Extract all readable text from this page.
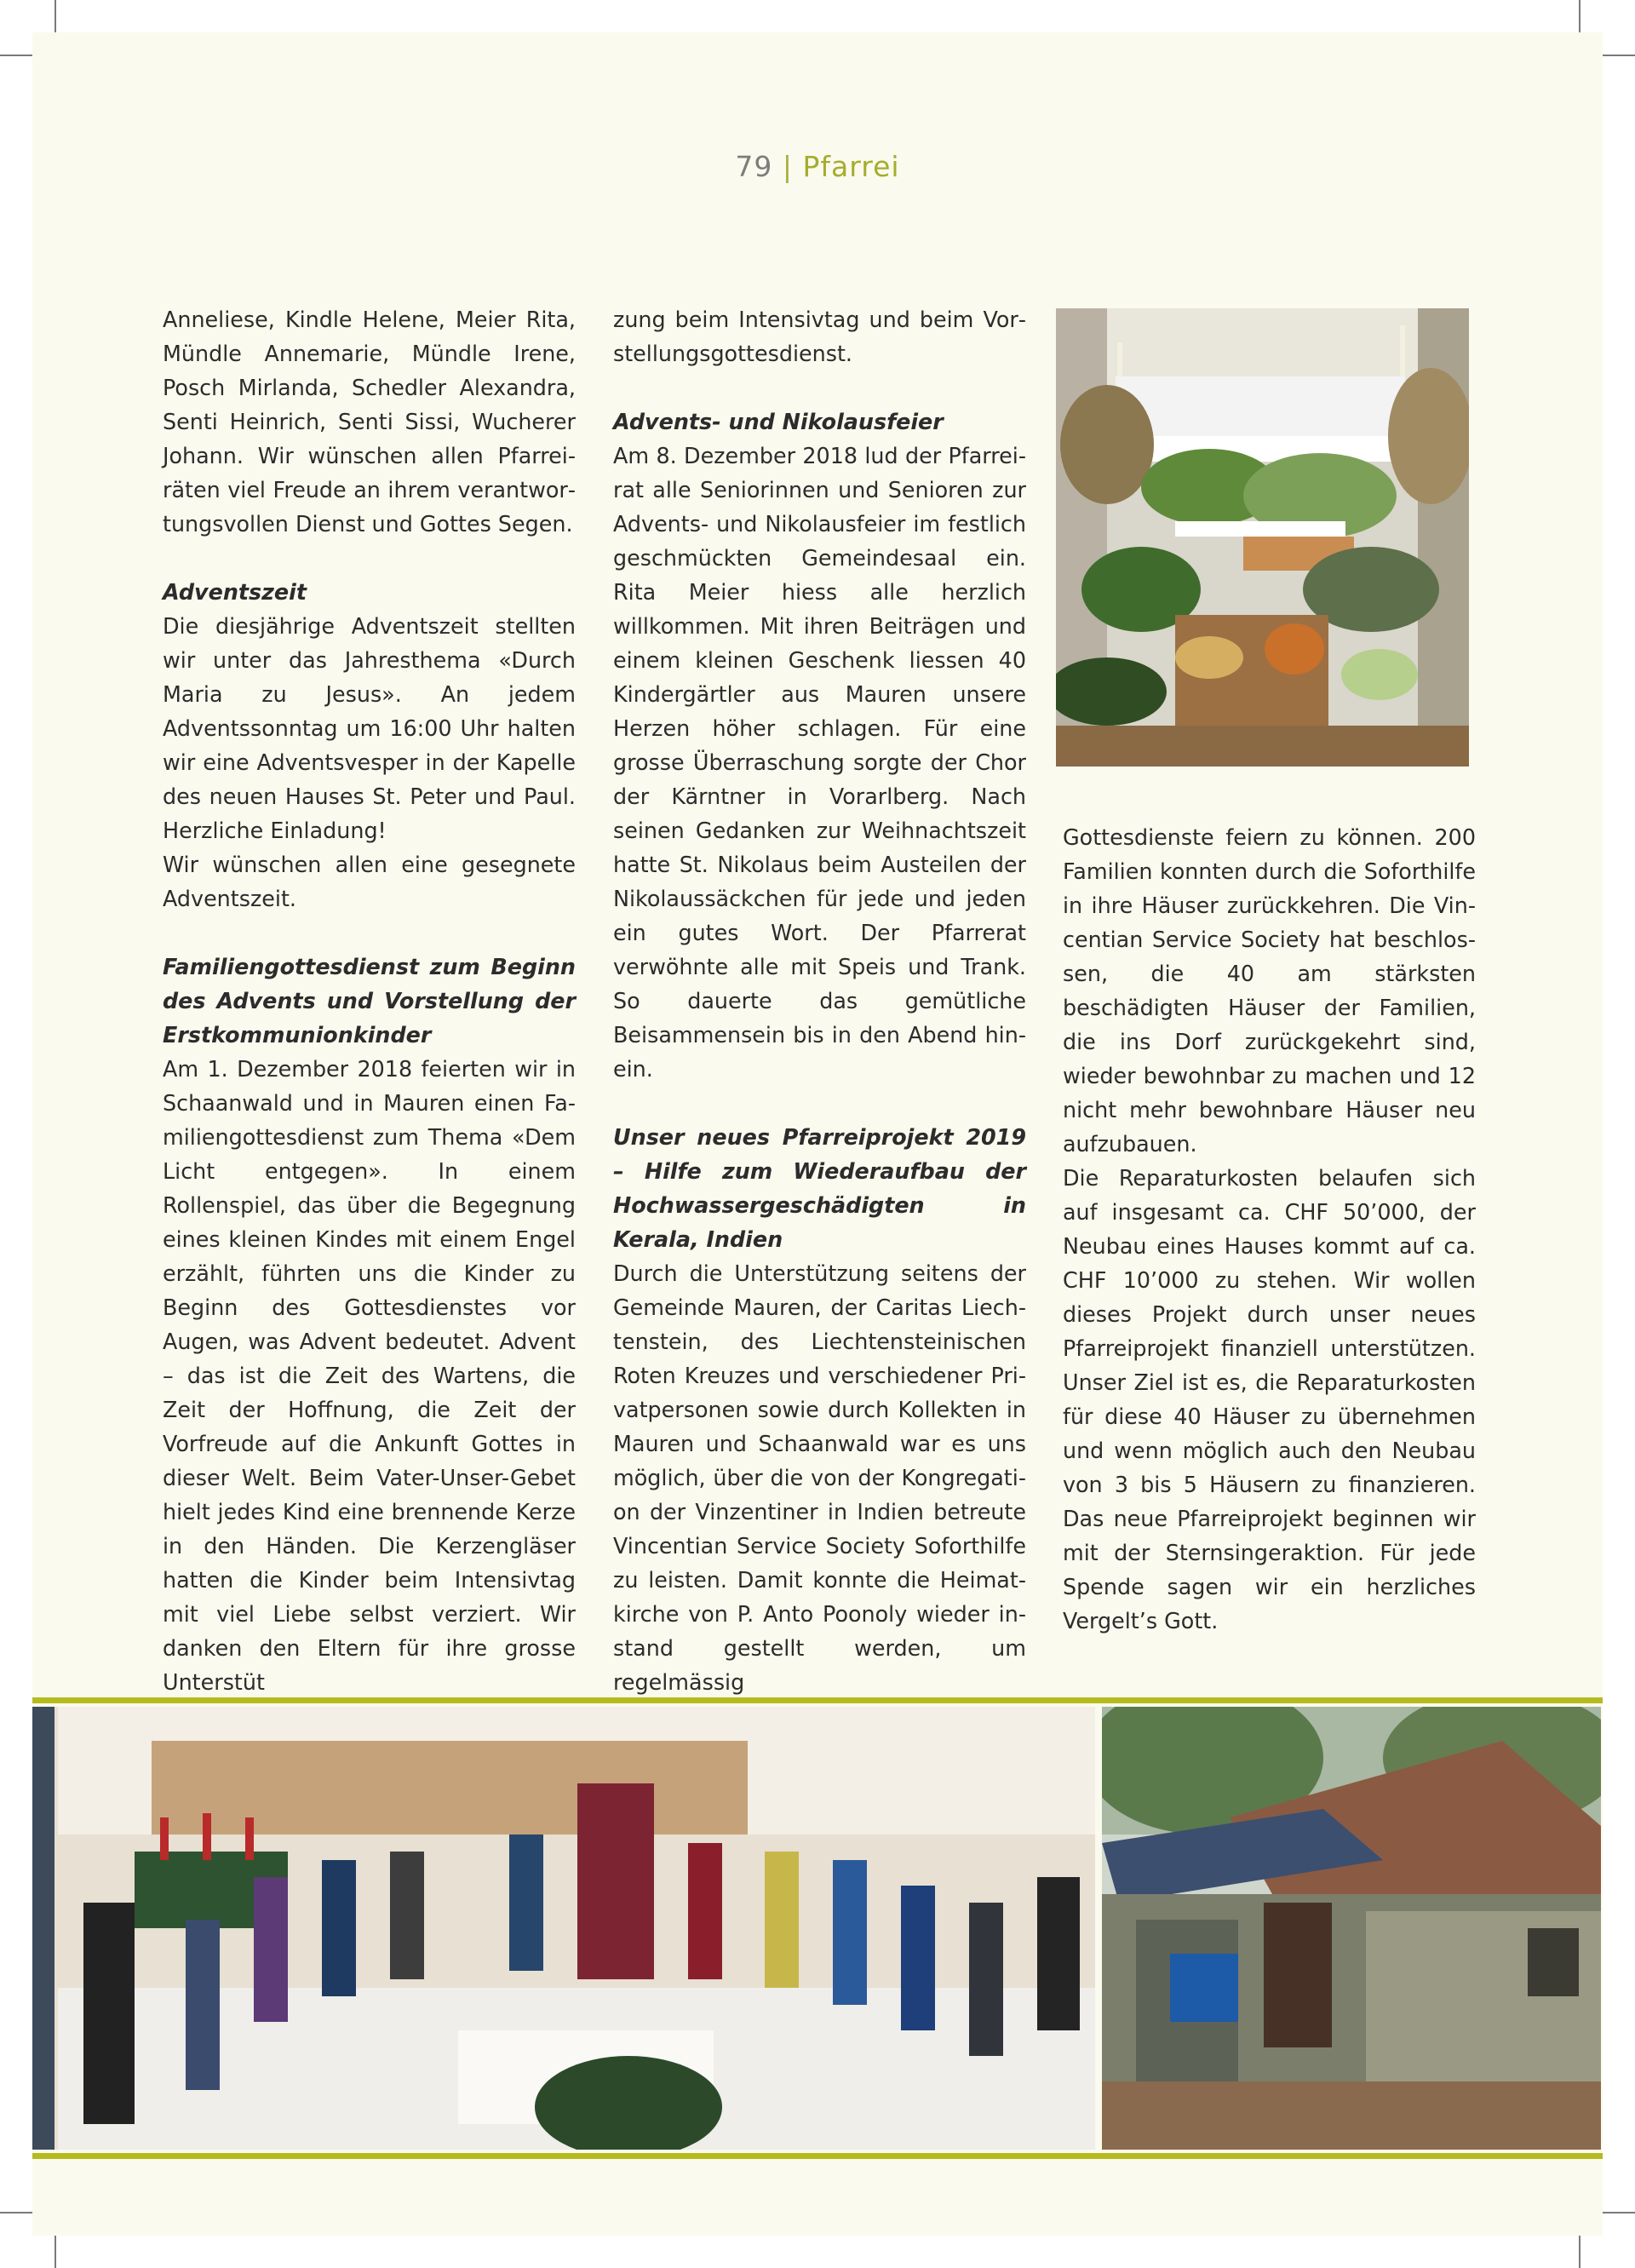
79 | Pfarrei

Anneliese, Kindle Helene, Meier Rita, Mündle Annemarie, Mündle Irene, Posch Mirlanda, Schedler Alexandra, Senti Heinrich, Senti Sissi, Wucherer Johann. Wir wünschen allen Pfarreiräten viel Freude an ihrem verantwortungsvollen Dienst und Gottes Segen.

Adventszeit

Die diesjährige Adventszeit stellten wir unter das Jahresthema «Durch Maria zu Jesus». An jedem Adventssonntag um 16:00 Uhr halten wir eine Adventsvesper in der Kapelle des neuen Hauses St. Peter und Paul. Herzliche Einladung!

Wir wünschen allen eine gesegnete Adventszeit.

Familiengottesdienst zum Beginn des Advents und Vorstellung der Erstkommunionkinder

Am 1. Dezember 2018 feierten wir in Schaanwald und in Mauren einen Familiengottesdienst zum Thema «Dem Licht entgegen». In einem Rollenspiel, das über die Begegnung eines kleinen Kindes mit einem Engel erzählt, führten uns die Kinder zu Beginn des Gottesdienstes vor Augen, was Advent bedeutet. Advent – das ist die Zeit des Wartens, die Zeit der Hoffnung, die Zeit der Vorfreude auf die Ankunft Gottes in dieser Welt. Beim Vater-Unser-Gebet hielt jedes Kind eine brennende Kerze in den Händen. Die Kerzengläser hatten die Kinder beim Intensivtag mit viel Liebe selbst verziert. Wir danken den Eltern für ihre grosse Unterstüt

zung beim Intensivtag und beim Vorstellungsgottesdienst.

Advents- und Nikolausfeier

Am 8. Dezember 2018 lud der Pfarreirat alle Seniorinnen und Senioren zur Advents- und Nikolausfeier im festlich geschmückten Gemeindesaal ein. Rita Meier hiess alle herzlich willkommen. Mit ihren Beiträgen und einem kleinen Geschenk liessen 40 Kindergärtler aus Mauren unsere Herzen höher schlagen. Für eine grosse Überraschung sorgte der Chor der Kärntner in Vorarlberg. Nach seinen Gedanken zur Weihnachtszeit hatte St. Nikolaus beim Austeilen der Nikolaussäckchen für jede und jeden ein gutes Wort. Der Pfarrerat verwöhnte alle mit Speis und Trank. So dauerte das gemütliche Beisammensein bis in den Abend hinein.

Unser neues Pfarreiprojekt 2019 – Hilfe zum Wiederaufbau der Hochwassergeschädigten in Kerala, Indien

Durch die Unterstützung seitens der Gemeinde Mauren, der Caritas Liechtenstein, des Liechtensteinischen Roten Kreuzes und verschiedener Privatpersonen sowie durch Kollekten in Mauren und Schaanwald war es uns möglich, über die von der Kongregation der Vinzentiner in Indien betreute Vincentian Service Society Soforthilfe zu leisten. Damit konnte die Heimatkirche von P. Anto Poonoly wieder instand gestellt werden, um regelmässig

Gottesdienste feiern zu können. 200 Familien konnten durch die Soforthilfe in ihre Häuser zurückkehren. Die Vincentian Service Society hat beschlossen, die 40 am stärksten beschädigten Häuser der Familien, die ins Dorf zurückgekehrt sind, wieder bewohnbar zu machen und 12 nicht mehr bewohnbare Häuser neu aufzubauen.

Die Reparaturkosten belaufen sich auf insgesamt ca. CHF 50’000, der Neubau eines Hauses kommt auf ca. CHF 10’000 zu stehen. Wir wollen dieses Projekt durch unser neues Pfarreiprojekt finanziell unterstützen. Unser Ziel ist es, die Reparaturkosten für diese 40 Häuser zu übernehmen und wenn möglich auch den Neubau von 3 bis 5 Häusern zu finanzieren. Das neue Pfarreiprojekt beginnen wir mit der Sternsingeraktion. Für jede Spende sagen wir ein herzliches Vergelt’s Gott.
